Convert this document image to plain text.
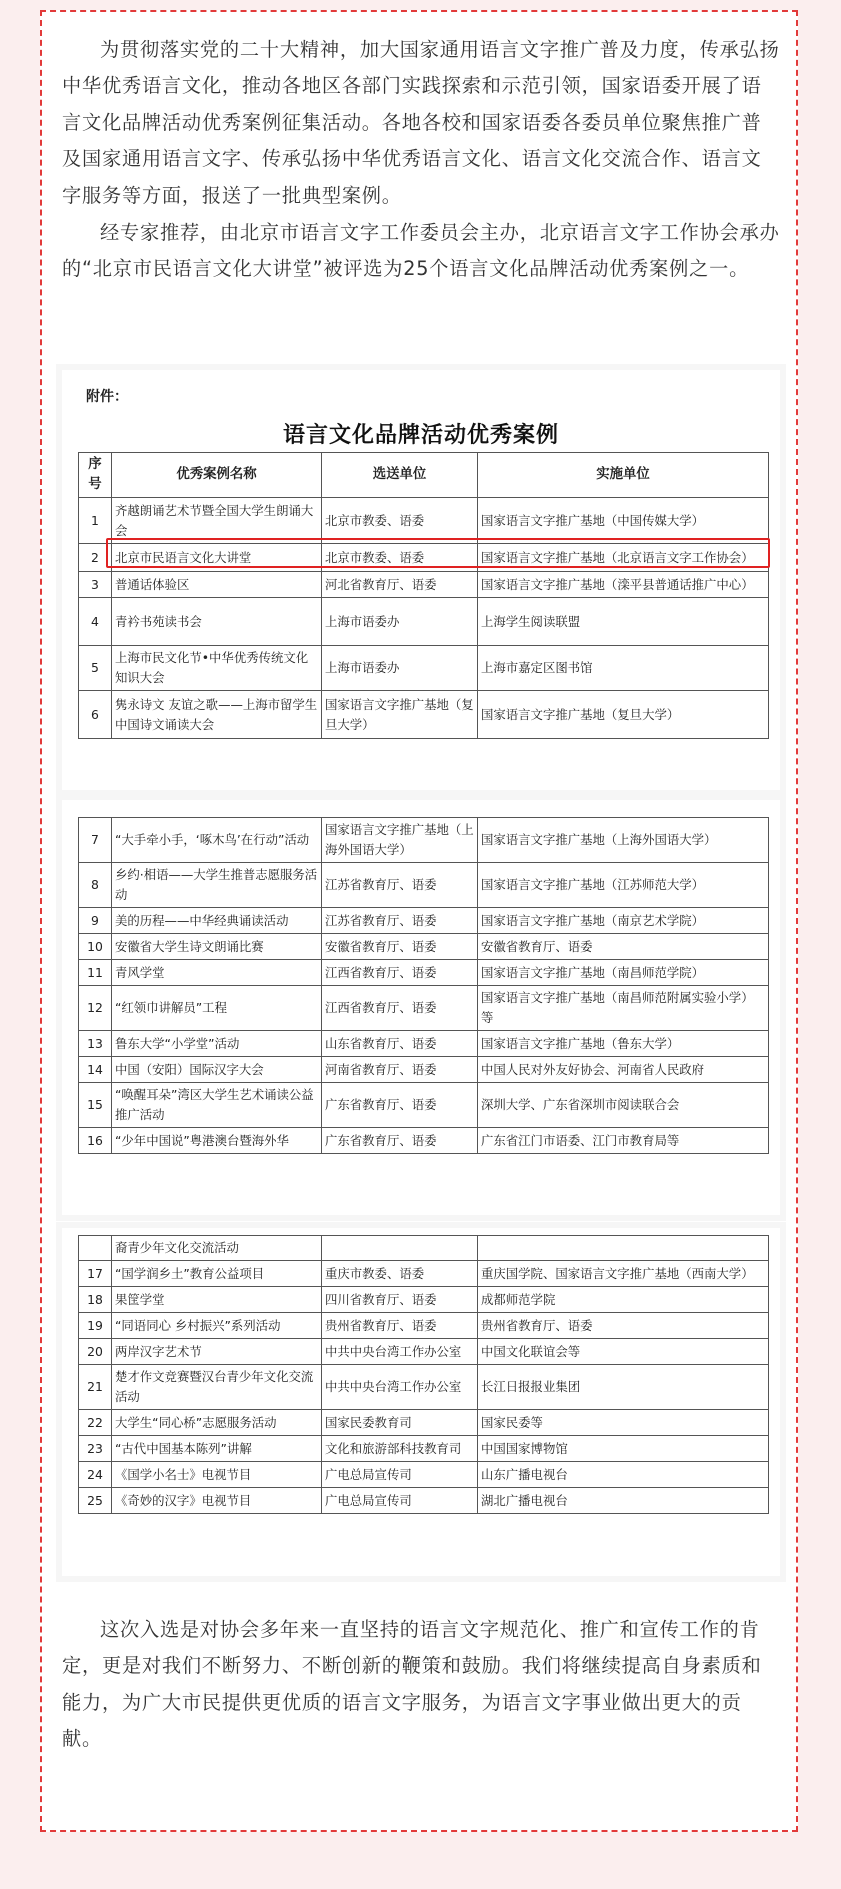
为贯彻落实党的二十大精神，加大国家通用语言文字推广普及力度，传承弘扬中华优秀语言文化，推动各地区各部门实践探索和示范引领，国家语委开展了语言文化品牌活动优秀案例征集活动。各地各校和国家语委各委员单位聚焦推广普及国家通用语言文字、传承弘扬中华优秀语言文化、语言文化交流合作、语言文字服务等方面，报送了一批典型案例。

经专家推荐，由北京市语言文字工作委员会主办，北京语言文字工作协会承办的“北京市民语言文化大讲堂”被评选为25个语言文化品牌活动优秀案例之一。

附件：
语言文化品牌活动优秀案例
序号	优秀案例名称	选送单位	实施单位
1	齐越朗诵艺术节暨全国大学生朗诵大会	北京市教委、语委	国家语言文字推广基地（中国传媒大学）
2	北京市民语言文化大讲堂	北京市教委、语委	国家语言文字推广基地（北京语言文字工作协会）
3	普通话体验区	河北省教育厅、语委	国家语言文字推广基地（滦平县普通话推广中心）
4	青衿书苑读书会	上海市语委办	上海学生阅读联盟
5	上海市民文化节•中华优秀传统文化知识大会	上海市语委办	上海市嘉定区图书馆
6	隽永诗文 友谊之歌——上海市留学生中国诗文诵读大会	国家语言文字推广基地（复旦大学）	国家语言文字推广基地（复旦大学）
7	“大手牵小手，‘啄木鸟’在行动”活动	国家语言文字推广基地（上海外国语大学）	国家语言文字推广基地（上海外国语大学）
8	乡约·相语——大学生推普志愿服务活动	江苏省教育厅、语委	国家语言文字推广基地（江苏师范大学）
9	美的历程——中华经典诵读活动	江苏省教育厅、语委	国家语言文字推广基地（南京艺术学院）
10	安徽省大学生诗文朗诵比赛	安徽省教育厅、语委	安徽省教育厅、语委
11	青风学堂	江西省教育厅、语委	国家语言文字推广基地（南昌师范学院）
12	“红领巾讲解员”工程	江西省教育厅、语委	国家语言文字推广基地（南昌师范附属实验小学）等
13	鲁东大学“小学堂”活动	山东省教育厅、语委	国家语言文字推广基地（鲁东大学）
14	中国（安阳）国际汉字大会	河南省教育厅、语委	中国人民对外友好协会、河南省人民政府
15	“唤醒耳朵”湾区大学生艺术诵读公益推广活动	广东省教育厅、语委	深圳大学、广东省深圳市阅读联合会
16	“少年中国说”粤港澳台暨海外华	广东省教育厅、语委	广东省江门市语委、江门市教育局等
	裔青少年文化交流活动		
17	“国学润乡土”教育公益项目	重庆市教委、语委	重庆国学院、国家语言文字推广基地（西南大学）
18	果筐学堂	四川省教育厅、语委	成都师范学院
19	“同语同心 乡村振兴”系列活动	贵州省教育厅、语委	贵州省教育厅、语委
20	两岸汉字艺术节	中共中央台湾工作办公室	中国文化联谊会等
21	楚才作文竞赛暨汉台青少年文化交流活动	中共中央台湾工作办公室	长江日报报业集团
22	大学生“同心桥”志愿服务活动	国家民委教育司	国家民委等
23	“古代中国基本陈列”讲解	文化和旅游部科技教育司	中国国家博物馆
24	《国学小名士》电视节目	广电总局宣传司	山东广播电视台
25	《奇妙的汉字》电视节目	广电总局宣传司	湖北广播电视台

这次入选是对协会多年来一直坚持的语言文字规范化、推广和宣传工作的肯定，更是对我们不断努力、不断创新的鞭策和鼓励。我们将继续提高自身素质和能力，为广大市民提供更优质的语言文字服务，为语言文字事业做出更大的贡献。
